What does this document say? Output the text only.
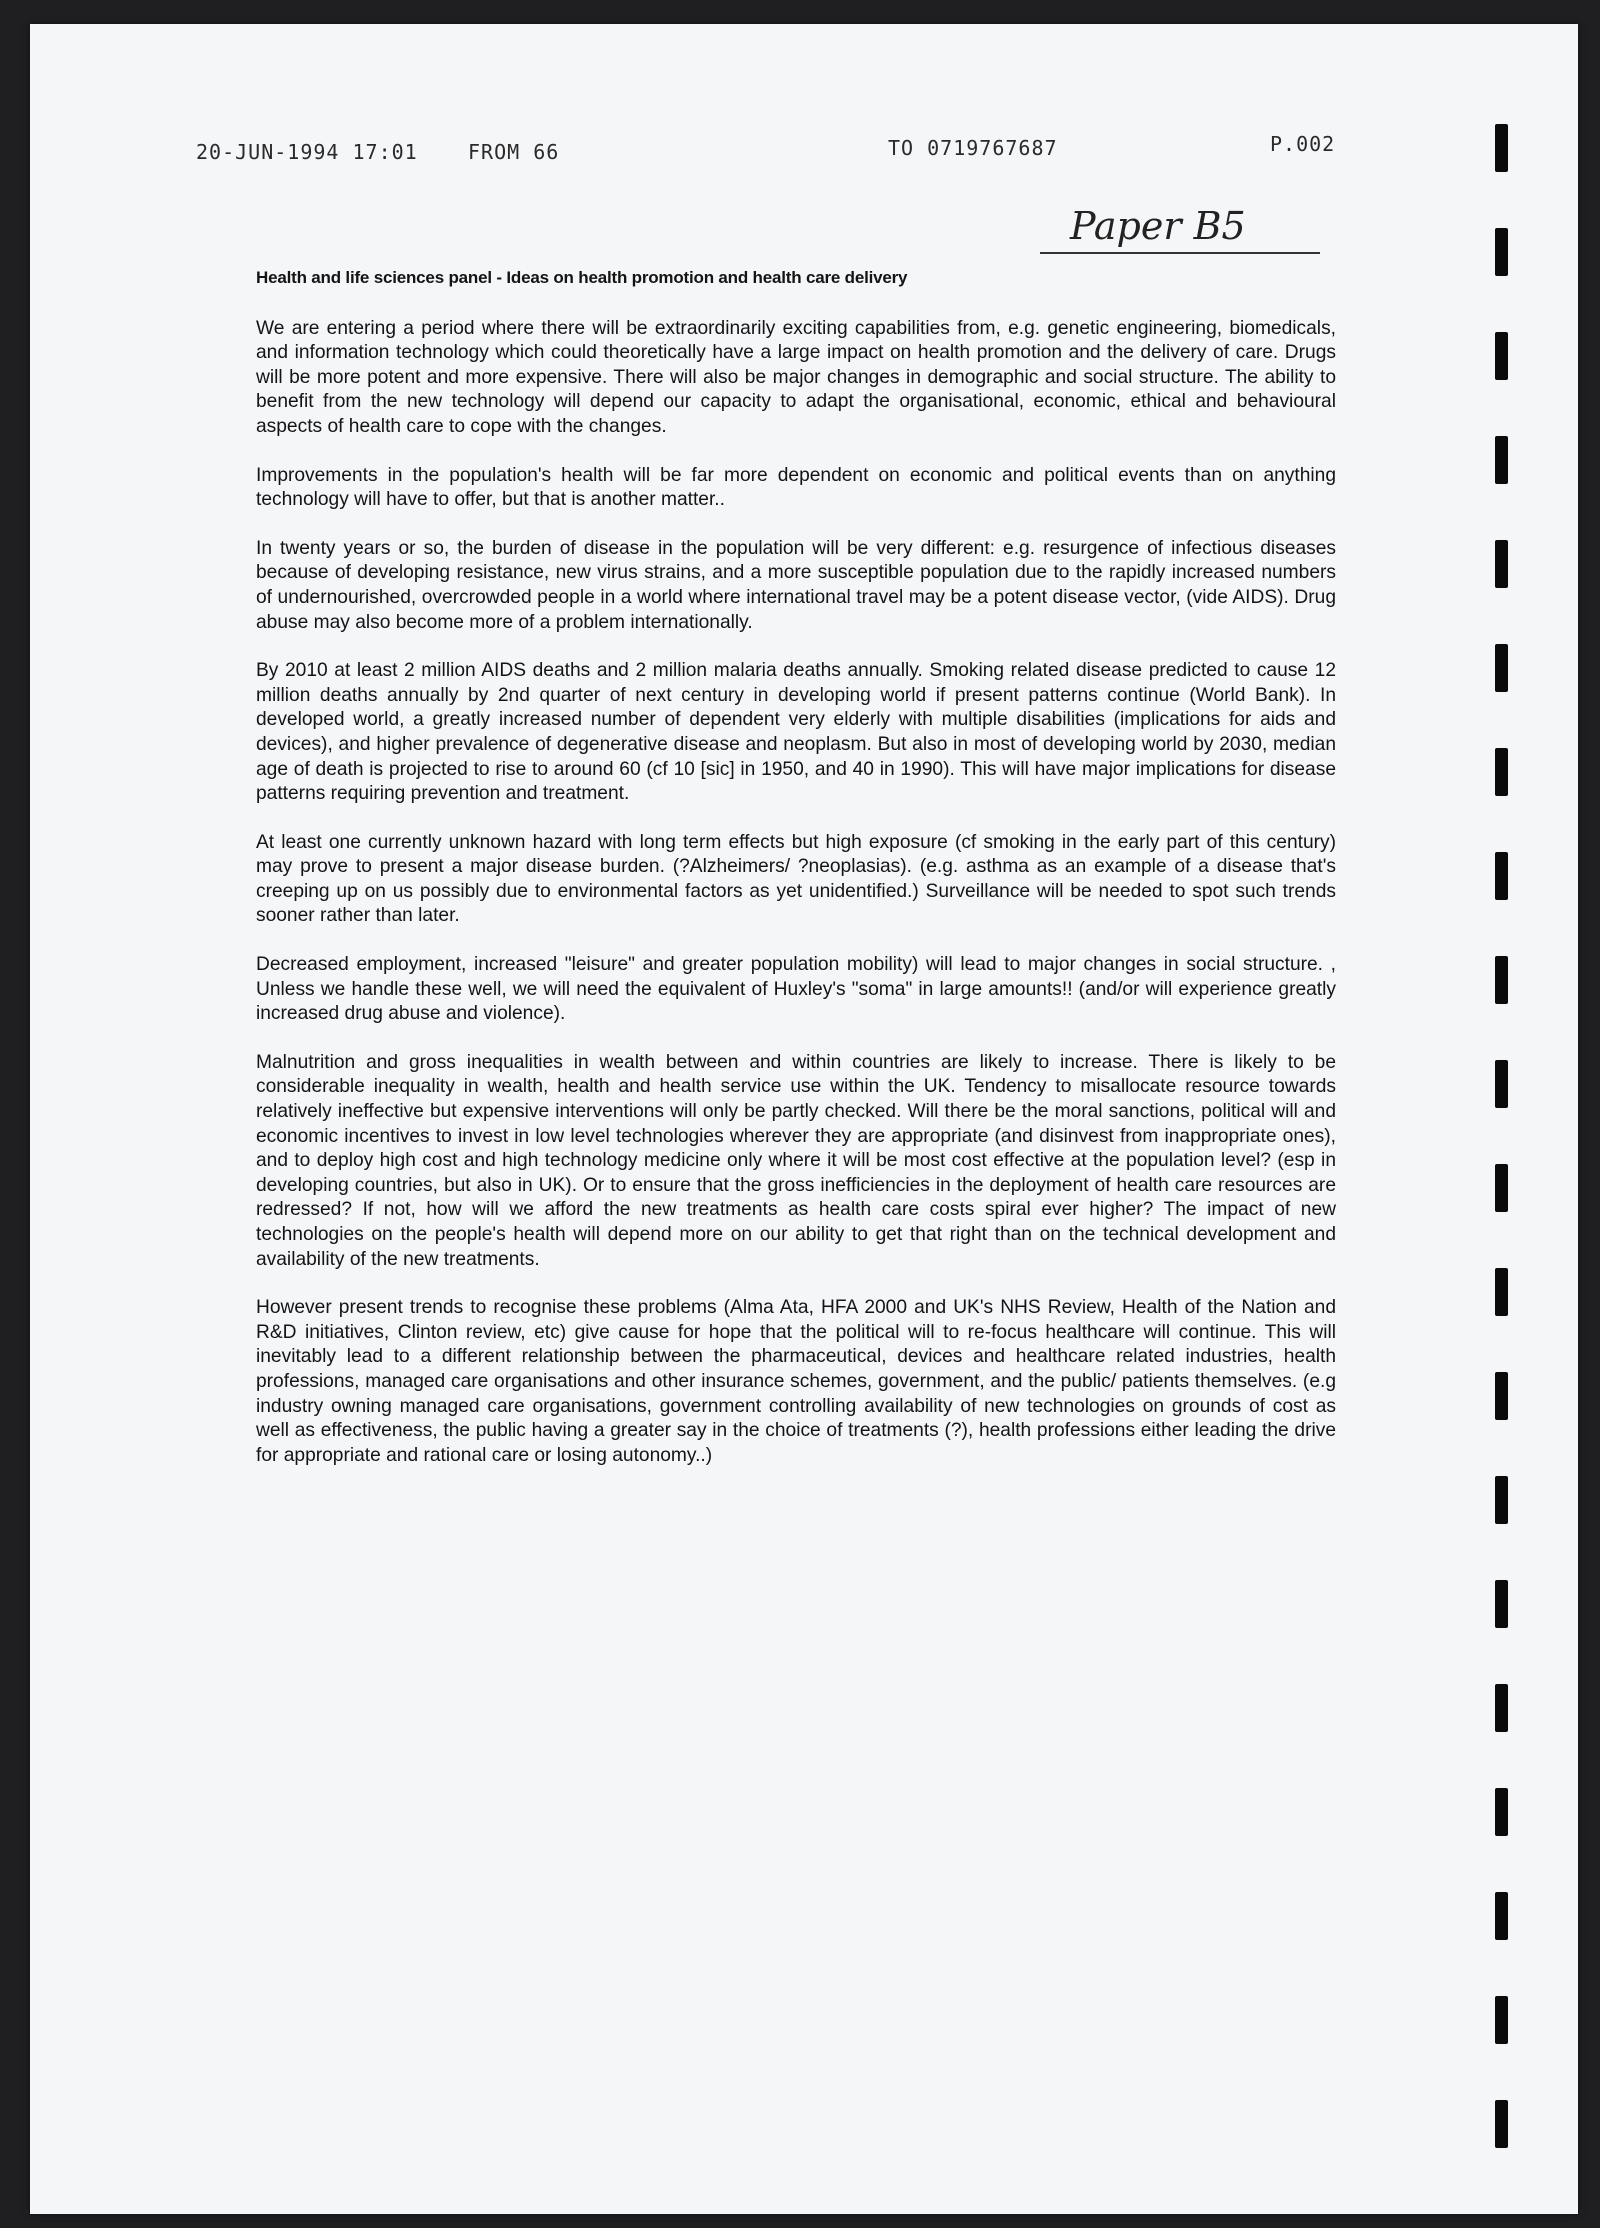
20-JUN-1994 17:01	FROM 66	TO 0719767687	P.002
Paper B5
Health and life sciences panel - Ideas on health promotion and health care delivery

We are entering a period where there will be extraordinarily exciting capabilities from, e.g. genetic engineering, biomedicals, and information technology which could theoretically have a large impact on health promotion and the delivery of care. Drugs will be more potent and more expensive. There will also be major changes in demographic and social structure. The ability to benefit from the new technology will depend our capacity to adapt the organisational, economic, ethical and behavioural aspects of health care to cope with the changes.

Improvements in the population's health will be far more dependent on economic and political events than on anything technology will have to offer, but that is another matter..

In twenty years or so, the burden of disease in the population will be very different: e.g. resurgence of infectious diseases because of developing resistance, new virus strains, and a more susceptible population due to the rapidly increased numbers of undernourished, overcrowded people in a world where international travel may be a potent disease vector, (vide AIDS). Drug abuse may also become more of a problem internationally.

By 2010 at least 2 million AIDS deaths and 2 million malaria deaths annually. Smoking related disease predicted to cause 12 million deaths annually by 2nd quarter of next century in developing world if present patterns continue (World Bank). In developed world, a greatly increased number of dependent very elderly with multiple disabilities (implications for aids and devices), and higher prevalence of degenerative disease and neoplasm. But also in most of developing world by 2030, median age of death is projected to rise to around 60 (cf 10 [sic] in 1950, and 40 in 1990). This will have major implications for disease patterns requiring prevention and treatment.

At least one currently unknown hazard with long term effects but high exposure (cf smoking in the early part of this century) may prove to present a major disease burden. (?Alzheimers/ ?neoplasias). (e.g. asthma as an example of a disease that's creeping up on us possibly due to environmental factors as yet unidentified.) Surveillance will be needed to spot such trends sooner rather than later.

Decreased employment, increased "leisure" and greater population mobility) will lead to major changes in social structure. , Unless we handle these well, we will need the equivalent of Huxley's "soma" in large amounts!! (and/or will experience greatly increased drug abuse and violence).

Malnutrition and gross inequalities in wealth between and within countries are likely to increase. There is likely to be considerable inequality in wealth, health and health service use within the UK. Tendency to misallocate resource towards relatively ineffective but expensive interventions will only be partly checked. Will there be the moral sanctions, political will and economic incentives to invest in low level technologies wherever they are appropriate (and disinvest from inappropriate ones), and to deploy high cost and high technology medicine only where it will be most cost effective at the population level? (esp in developing countries, but also in UK). Or to ensure that the gross inefficiencies in the deployment of health care resources are redressed? If not, how will we afford the new treatments as health care costs spiral ever higher? The impact of new technologies on the people's health will depend more on our ability to get that right than on the technical development and availability of the new treatments.

However present trends to recognise these problems (Alma Ata, HFA 2000 and UK's NHS Review, Health of the Nation and R&D initiatives, Clinton review, etc) give cause for hope that the political will to re-focus healthcare will continue. This will inevitably lead to a different relationship between the pharmaceutical, devices and healthcare related industries, health professions, managed care organisations and other insurance schemes, government, and the public/ patients themselves. (e.g industry owning managed care organisations, government controlling availability of new technologies on grounds of cost as well as effectiveness, the public having a greater say in the choice of treatments (?), health professions either leading the drive for appropriate and rational care or losing autonomy..)
